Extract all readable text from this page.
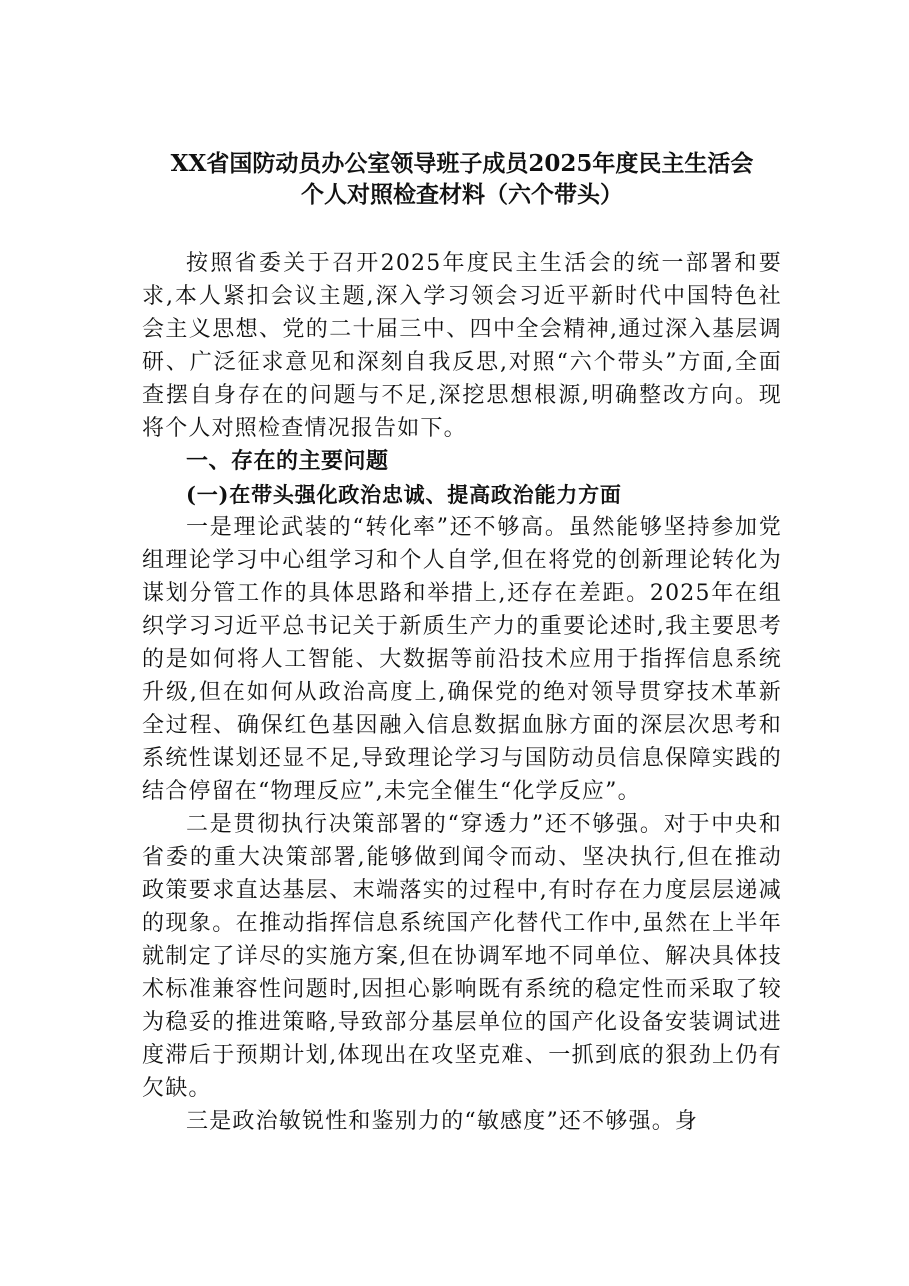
XX省国防动员办公室领导班子成员2025年度民主生活会
个人对照检查材料（六个带头）

按照省委关于召开2025年度民主生活会的统一部署和要求,本人紧扣会议主题,深入学习领会习近平新时代中国特色社会主义思想、党的二十届三中、四中全会精神,通过深入基层调研、广泛征求意见和深刻自我反思,对照“六个带头”方面,全面查摆自身存在的问题与不足,深挖思想根源,明确整改方向。现将个人对照检查情况报告如下。

一、存在的主要问题

(一)在带头强化政治忠诚、提高政治能力方面

一是理论武装的“转化率”还不够高。虽然能够坚持参加党组理论学习中心组学习和个人自学,但在将党的创新理论转化为谋划分管工作的具体思路和举措上,还存在差距。2025年在组织学习习近平总书记关于新质生产力的重要论述时,我主要思考的是如何将人工智能、大数据等前沿技术应用于指挥信息系统升级,但在如何从政治高度上,确保党的绝对领导贯穿技术革新全过程、确保红色基因融入信息数据血脉方面的深层次思考和系统性谋划还显不足,导致理论学习与国防动员信息保障实践的结合停留在“物理反应”,未完全催生“化学反应”。

二是贯彻执行决策部署的“穿透力”还不够强。对于中央和省委的重大决策部署,能够做到闻令而动、坚决执行,但在推动政策要求直达基层、末端落实的过程中,有时存在力度层层递减的现象。在推动指挥信息系统国产化替代工作中,虽然在上半年就制定了详尽的实施方案,但在协调军地不同单位、解决具体技术标准兼容性问题时,因担心影响既有系统的稳定性而采取了较为稳妥的推进策略,导致部分基层单位的国产化设备安装调试进度滞后于预期计划,体现出在攻坚克难、一抓到底的狠劲上仍有欠缺。

三是政治敏锐性和鉴别力的“敏感度”还不够强。身
